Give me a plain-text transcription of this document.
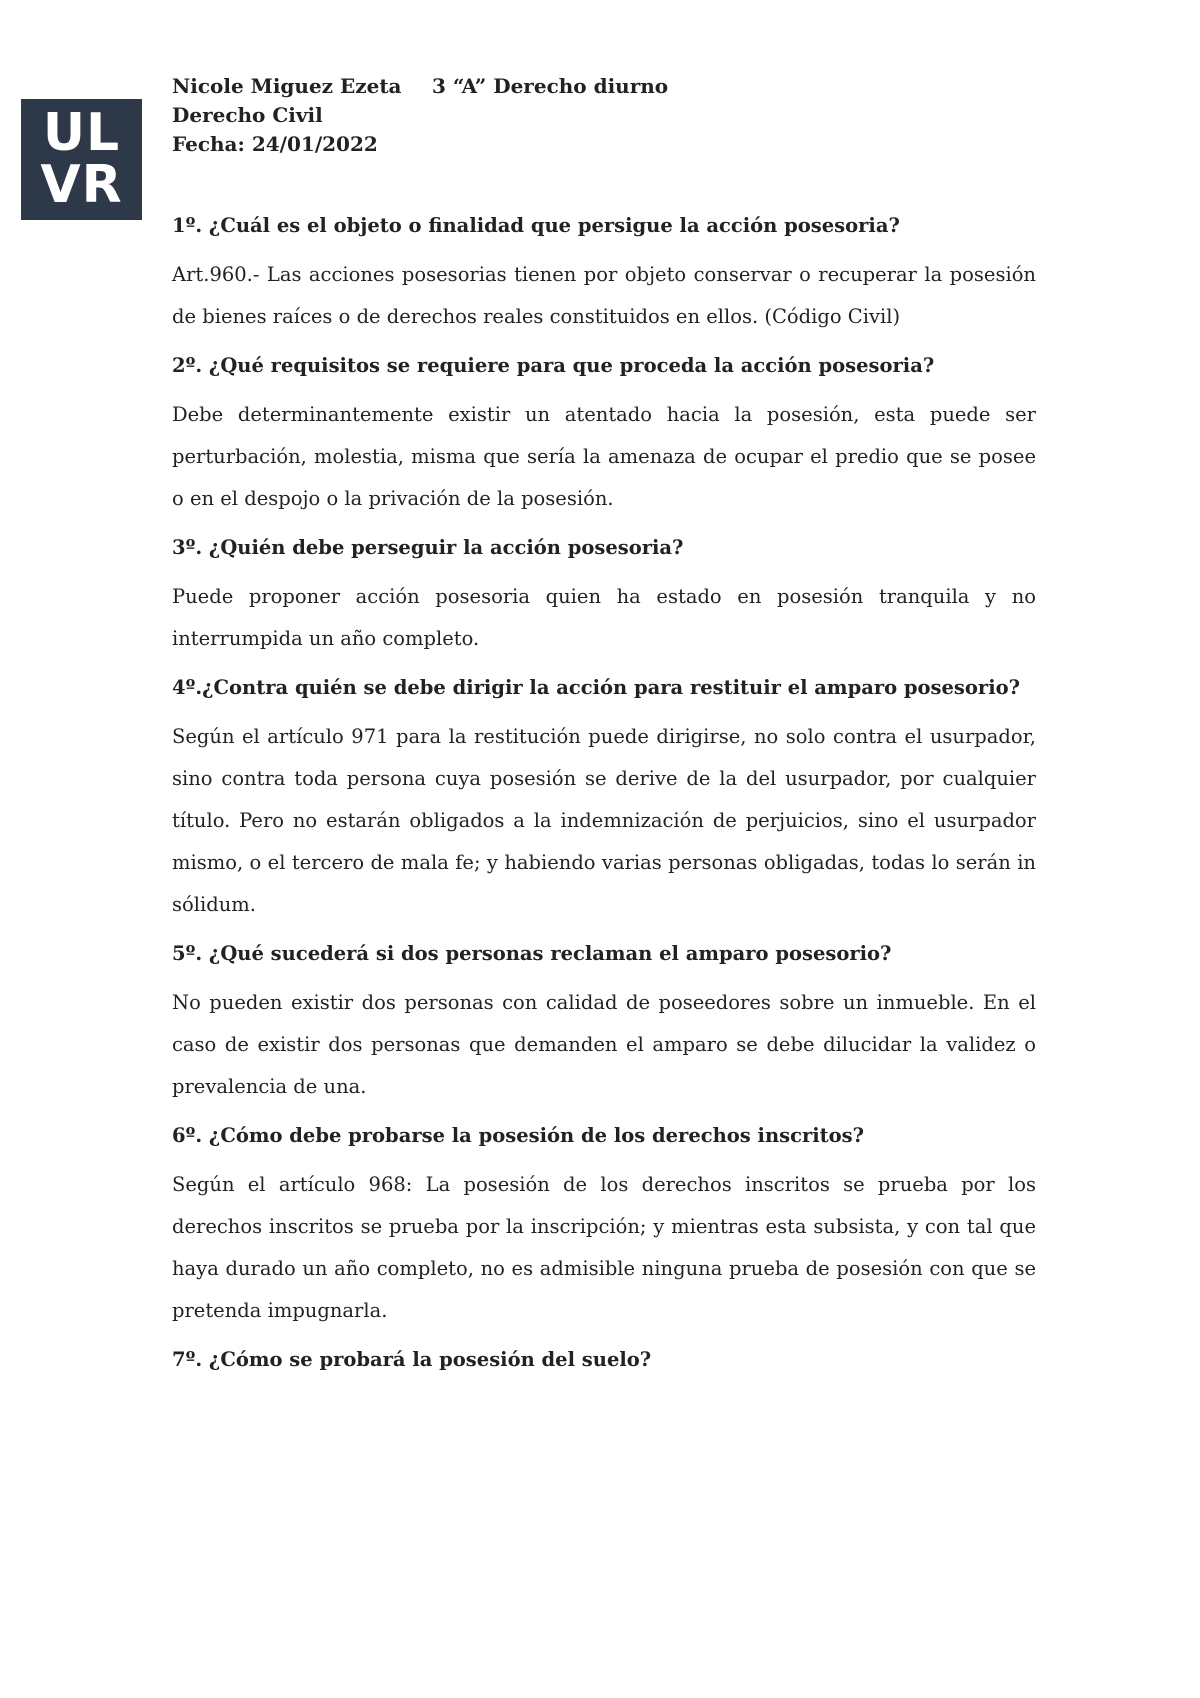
UL
VR
Nicole Miguez Ezeta 3 “A” Derecho diurno
Derecho Civil
Fecha: 24/01/2022

1º. ¿Cuál es el objeto o finalidad que persigue la acción posesoria?

Art.960.- Las acciones posesorias tienen por objeto conservar o recuperar la posesión de bienes raíces o de derechos reales constituidos en ellos. (Código Civil)

2º. ¿Qué requisitos se requiere para que proceda la acción posesoria?

Debe determinantemente existir un atentado hacia la posesión, esta puede ser perturbación, molestia, misma que sería la amenaza de ocupar el predio que se posee o en el despojo o la privación de la posesión.

3º. ¿Quién debe perseguir la acción posesoria?

Puede proponer acción posesoria quien ha estado en posesión tranquila y no interrumpida un año completo.

4º.¿Contra quién se debe dirigir la acción para restituir el amparo posesorio?

Según el artículo 971 para la restitución puede dirigirse, no solo contra el usurpador, sino contra toda persona cuya posesión se derive de la del usurpador, por cualquier título. Pero no estarán obligados a la indemnización de perjuicios, sino el usurpador mismo, o el tercero de mala fe; y habiendo varias personas obligadas, todas lo serán in sólidum.

5º. ¿Qué sucederá si dos personas reclaman el amparo posesorio?

No pueden existir dos personas con calidad de poseedores sobre un inmueble. En el caso de existir dos personas que demanden el amparo se debe dilucidar la validez o prevalencia de una.

6º. ¿Cómo debe probarse la posesión de los derechos inscritos?

Según el artículo 968: La posesión de los derechos inscritos se prueba por los derechos inscritos se prueba por la inscripción; y mientras esta subsista, y con tal que haya durado un año completo, no es admisible ninguna prueba de posesión con que se pretenda impugnarla.

7º. ¿Cómo se probará la posesión del suelo?
